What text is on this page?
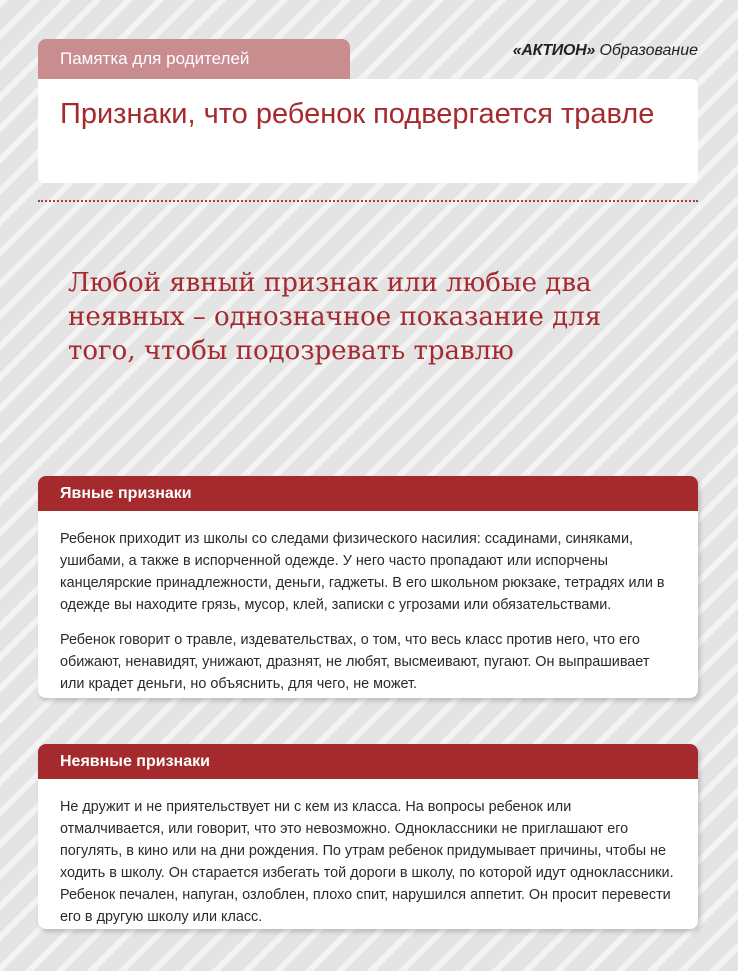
Памятка для родителей	«АКТИОН» Образование
Признаки, что ребенок подвергается травле

Любой явный признак или любые два неявных – однозначное показание для того, чтобы подозревать травлю

Явные признаки

Ребенок приходит из школы со следами физического насилия: ссадинами, синяками, ушибами, а также в испорченной одежде. У него часто пропадают или испорчены канцелярские принадлежности, деньги, гаджеты. В его школьном рюкзаке, тетрадях или в одежде вы находите грязь, мусор, клей, записки с угрозами или обязательствами.

Ребенок говорит о травле, издевательствах, о том, что весь класс против него, что его обижают, ненавидят, унижают, дразнят, не любят, высмеивают, пугают. Он выпрашивает или крадет деньги, но объяснить, для чего, не может.

Неявные признаки

Не дружит и не приятельствует ни с кем из класса. На вопросы ребенок или отмалчивается, или говорит, что это невозможно. Одноклассники не приглашают его погулять, в кино или на дни рождения. По утрам ребенок придумывает причины, чтобы не ходить в школу. Он старается избегать той дороги в школу, по которой идут одноклассники. Ребенок печален, напуган, озлоблен, плохо спит, нарушился аппетит. Он просит перевести его в другую школу или класс.
